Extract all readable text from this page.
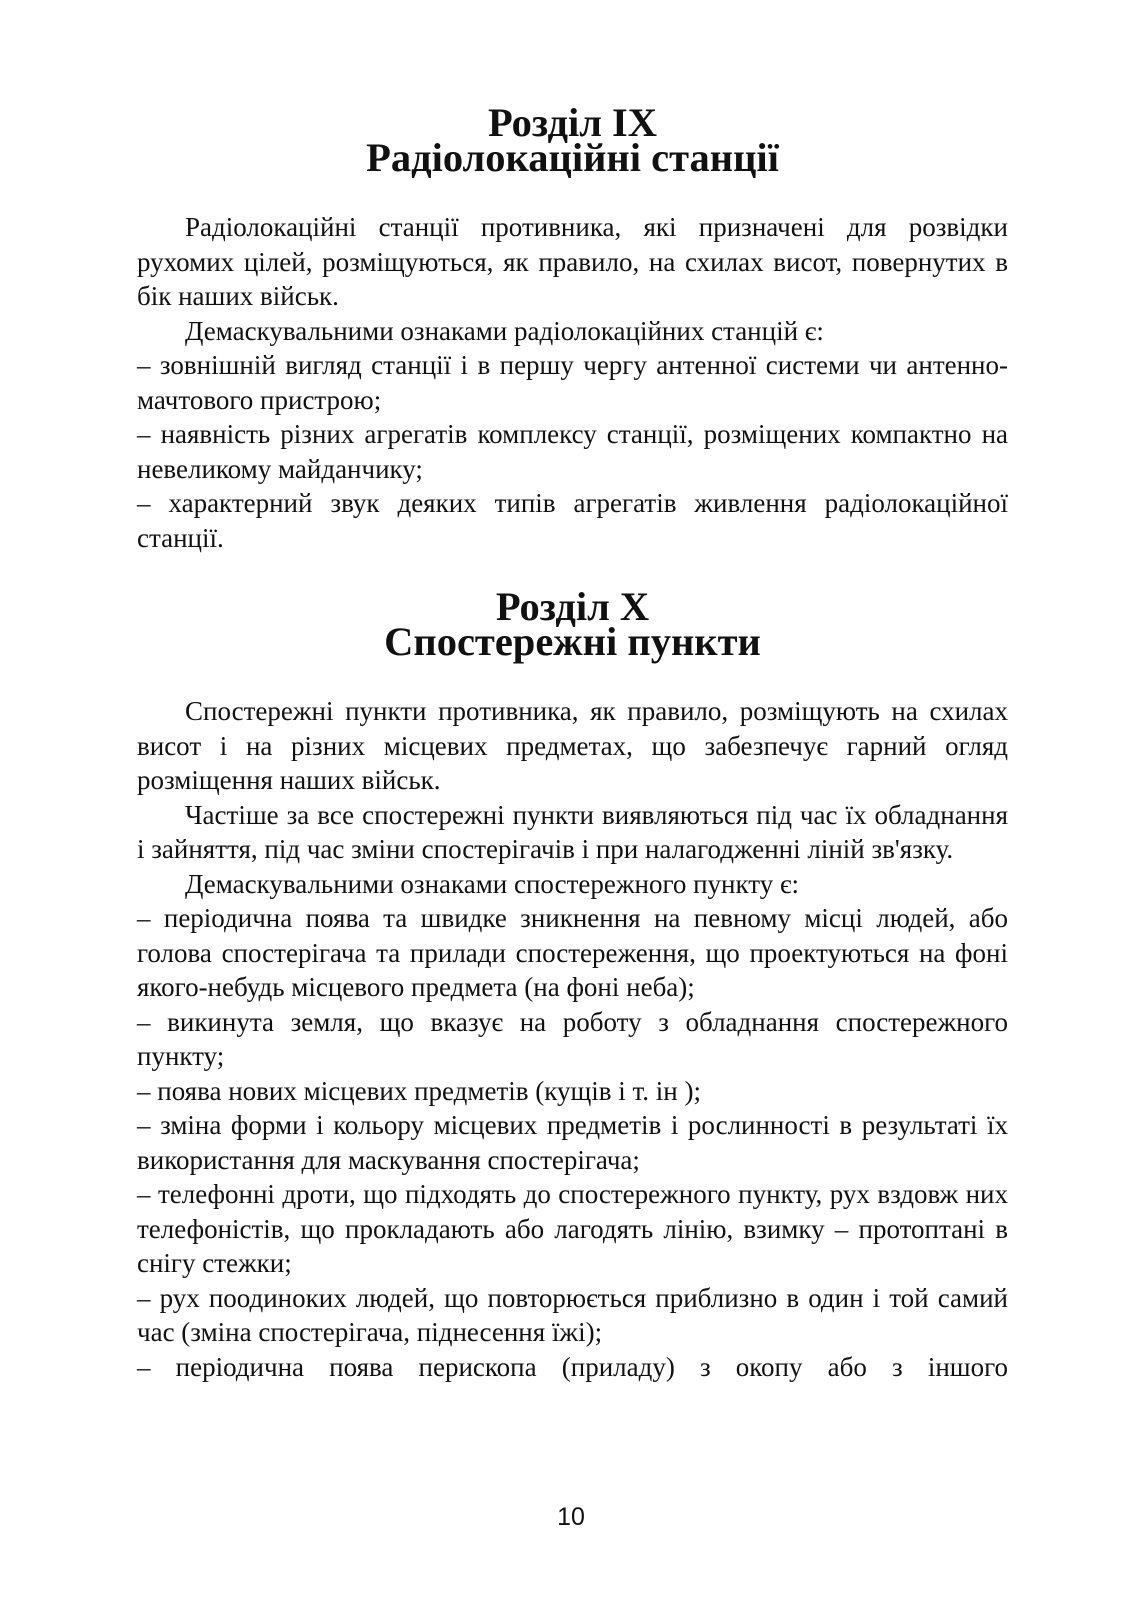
Розділ IX
Радіолокаційні станції

Радіолокаційні станції противника, які призначені для розвідки рухомих цілей, розміщуються, як правило, на схилах висот, повернутих в бік наших військ.

Демаскувальними ознаками радіолокаційних станцій є:

– зовнішній вигляд станції і в першу чергу антенної системи чи антенно-мачтового пристрою;

– наявність різних агрегатів комплексу станції, розміщених компактно на невеликому майданчику;

– характерний звук деяких типів агрегатів живлення радіолокаційної станції.

Розділ X
Спостережні пункти

Спостережні пункти противника, як правило, розміщують на схилах висот і на різних місцевих предметах, що забезпечує гарний огляд розміщення наших військ.

Частіше за все спостережні пункти виявляються під час їх обладнання і зайняття, під час зміни спостерігачів і при налагодженні ліній зв'язку.

Демаскувальними ознаками спостережного пункту є:

– періодична поява та швидке зникнення на певному місці людей, або голова спостерігача та прилади спостереження, що проектуються на фоні якого-небудь місцевого предмета (на фоні неба);

– викинута земля, що вказує на роботу з обладнання спостережного пункту;

– поява нових місцевих предметів (кущів і т. ін );

– зміна форми і кольору місцевих предметів і рослинності в результаті їх використання для маскування спостерігача;

– телефонні дроти, що підходять до спостережного пункту, рух вздовж них телефоністів, що прокладають або лагодять лінію, взимку – протоптані в снігу стежки;

– рух поодиноких людей, що повторюється приблизно в один і той самий час (зміна спостерігача, піднесення їжі);

– періодична поява перископа (приладу) з окопу або з іншого

10
